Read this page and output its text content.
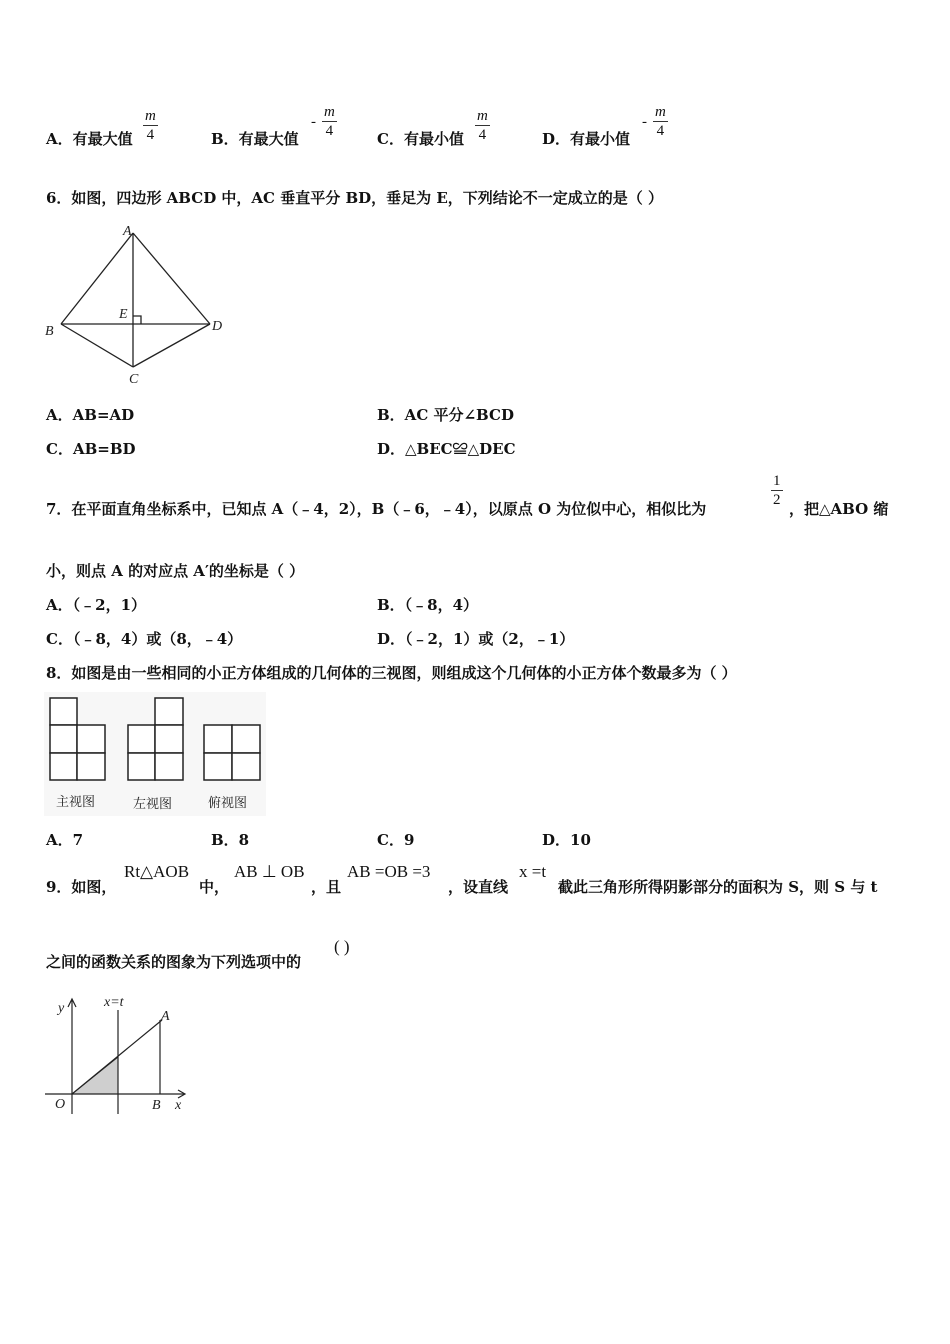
A．有最大值 $\frac{m}{4}$	B．有最大值
- $\frac{m}{4}$	C．有最小值 $\frac{m}{4}$	D．有最小值
- $\frac{m}{4}$
6．如图，四边形 ABCD 中，AC 垂直平分 BD，垂足为 E，下列结论不一定成立的是（ ）
A
B
C
D
E
A．AB=AD	B．AC 平分∠BCD
C．AB=BD	D．△BEC≌△DEC
7．在平面直角坐标系中，已知点 A（﹣4，2），B（﹣6，﹣4），以原点 O 为位似中心，相似比为	$\frac{1}{2}$ ，把△ABO 缩
小，则点 A 的对应点 A′的坐标是（ ）
A．（﹣2，1）	B．（﹣8，4）
C．（﹣8，4）或（8，﹣4）	D．（﹣2，1）或（2，﹣1）
8．如图是由一些相同的小正方体组成的几何体的三视图，则组成这个几何体的小正方体个数最多为（ ）
主视图	左视图	俯视图
A．7	B．8	C．9	D．10
9．如图，
Rt△AOB
中，
AB ⊥ OB
，且
AB =OB =3
，设直线
x =t
截此三角形所得阴影部分的面积为 S，则 S 与 t
之间的函数关系的图象为下列选项中的
( )
y	x=t
A
O	B x
